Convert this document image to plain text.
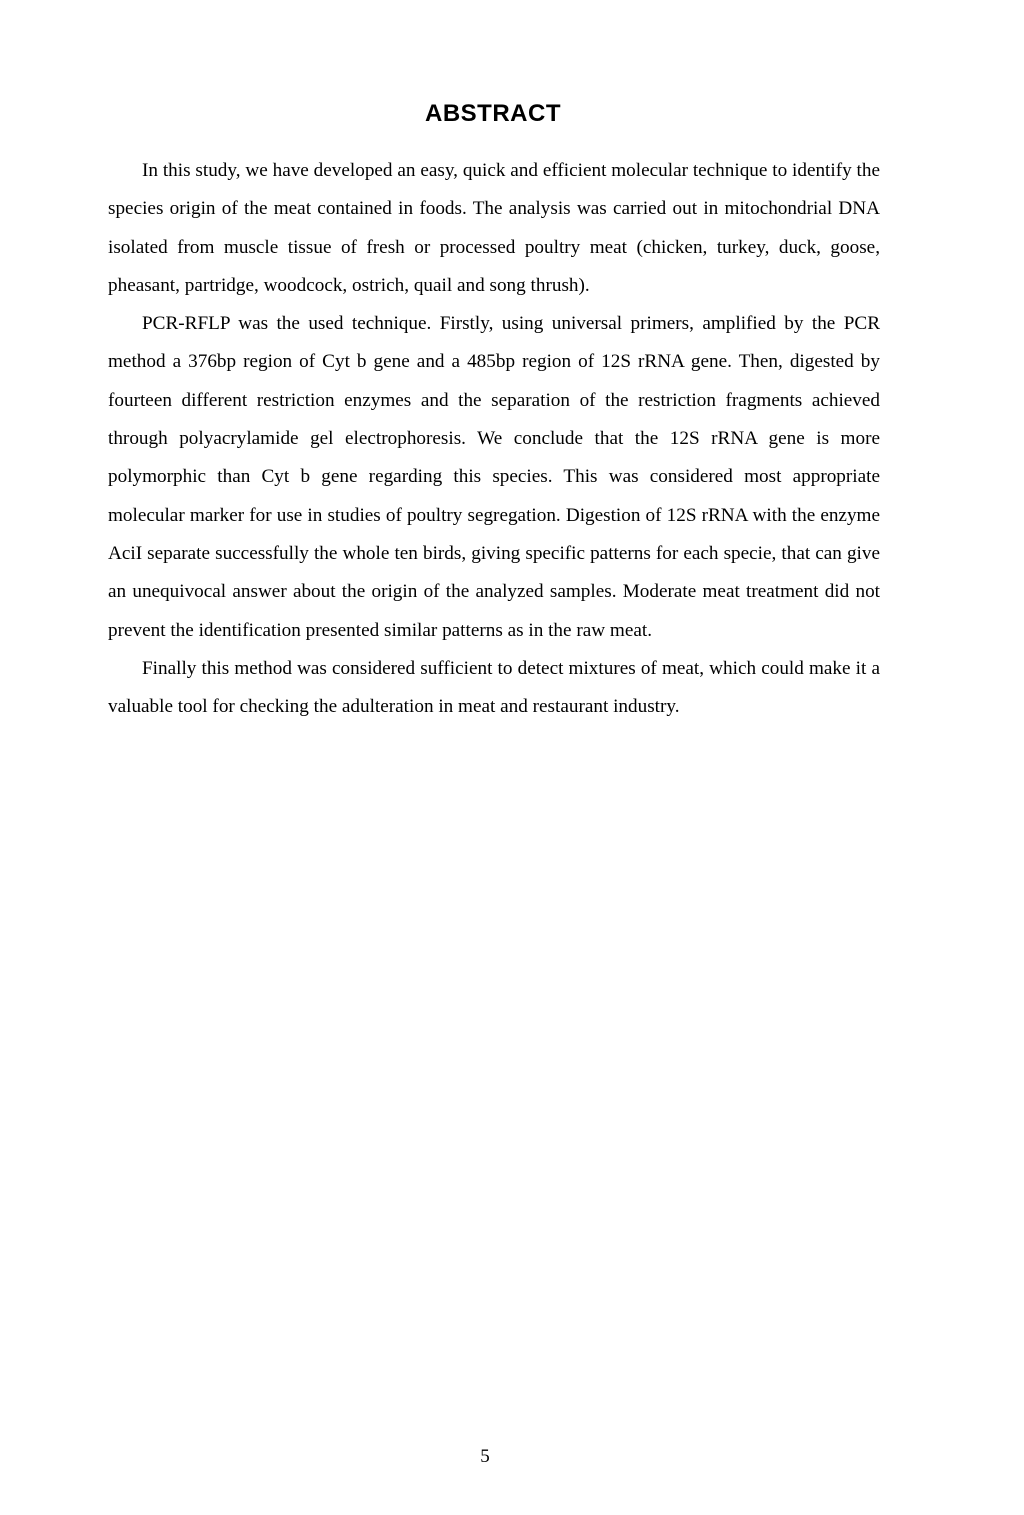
ABSTRACT

In this study, we have developed an easy, quick and efficient molecular technique to identify the species origin of the meat contained in foods. The analysis was carried out in mitochondrial DNA isolated from muscle tissue of fresh or processed poultry meat (chicken, turkey, duck, goose, pheasant, partridge, woodcock, ostrich, quail and song thrush).

PCR-RFLP was the used technique. Firstly, using universal primers, amplified by the PCR method a 376bp region of Cyt b gene and a 485bp region of 12S rRNA gene. Then, digested by fourteen different restriction enzymes and the separation of the restriction fragments achieved through polyacrylamide gel electrophoresis. We conclude that the 12S rRNA gene is more polymorphic than Cyt b gene regarding this species. This was considered most appropriate molecular marker for use in studies of poultry segregation. Digestion of 12S rRNA with the enzyme AciI separate successfully the whole ten birds, giving specific patterns for each specie, that can give an unequivocal answer about the origin of the analyzed samples. Moderate meat treatment did not prevent the identification presented similar patterns as in the raw meat.

Finally this method was considered sufficient to detect mixtures of meat, which could make it a valuable tool for checking the adulteration in meat and restaurant industry.

5
